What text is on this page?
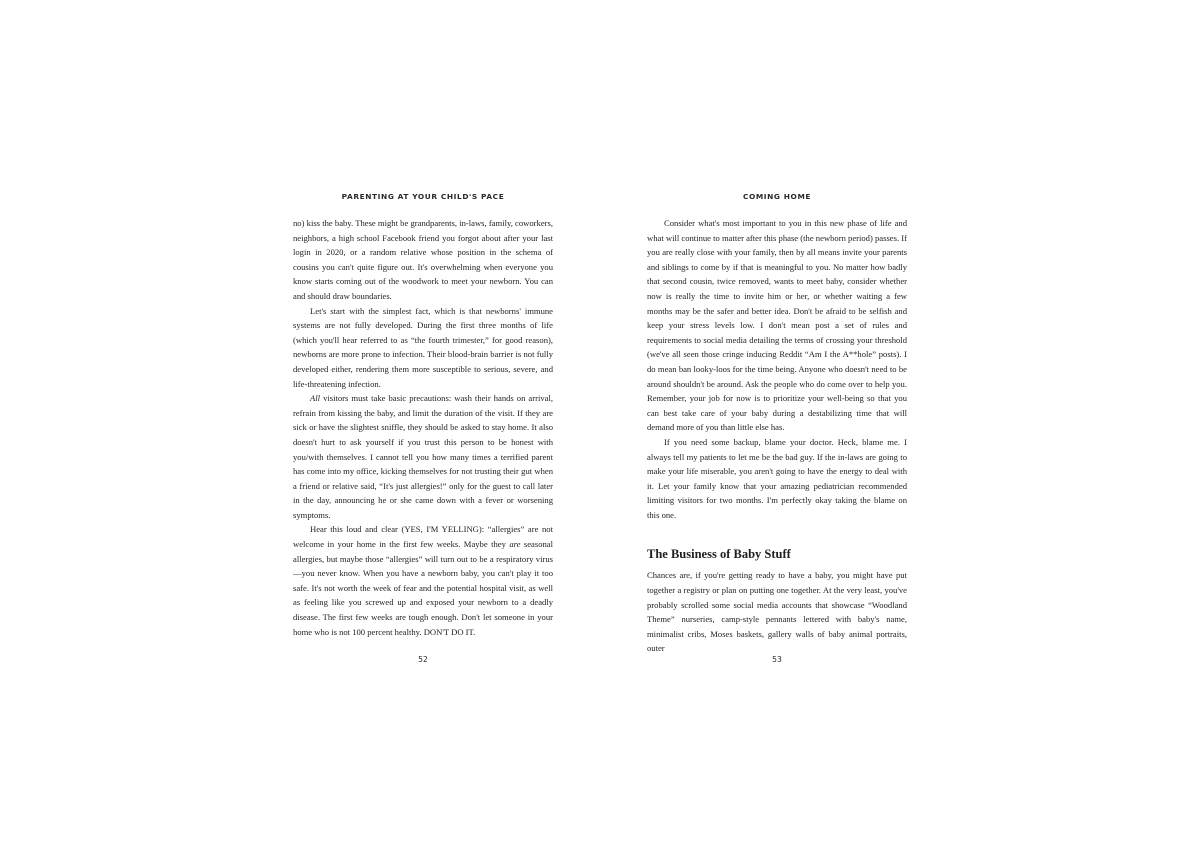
PARENTING AT YOUR CHILD'S PACE

no) kiss the baby. These might be grandparents, in-laws, family, coworkers, neighbors, a high school Facebook friend you forgot about after your last login in 2020, or a random relative whose position in the schema of cousins you can't quite figure out. It's overwhelming when everyone you know starts coming out of the woodwork to meet your newborn. You can and should draw boundaries.

Let's start with the simplest fact, which is that newborns' immune systems are not fully developed. During the first three months of life (which you'll hear referred to as “the fourth trimester,” for good reason), newborns are more prone to infection. Their blood-brain barrier is not fully developed either, rendering them more susceptible to serious, severe, and life-threatening infection.

All visitors must take basic precautions: wash their hands on arrival, refrain from kissing the baby, and limit the duration of the visit. If they are sick or have the slightest sniffle, they should be asked to stay home. It also doesn't hurt to ask yourself if you trust this person to be honest with you/with themselves. I cannot tell you how many times a terrified parent has come into my office, kicking themselves for not trusting their gut when a friend or relative said, “It's just allergies!” only for the guest to call later in the day, announcing he or she came down with a fever or worsening symptoms.

Hear this loud and clear (YES, I'M YELLING): “allergies” are not welcome in your home in the first few weeks. Maybe they are seasonal allergies, but maybe those “allergies” will turn out to be a respiratory virus—you never know. When you have a newborn baby, you can't play it too safe. It's not worth the week of fear and the potential hospital visit, as well as feeling like you screwed up and exposed your newborn to a deadly disease. The first few weeks are tough enough. Don't let someone in your home who is not 100 percent healthy. DON'T DO IT.

52
COMING HOME

Consider what's most important to you in this new phase of life and what will continue to matter after this phase (the newborn period) passes. If you are really close with your family, then by all means invite your parents and siblings to come by if that is meaningful to you. No matter how badly that second cousin, twice removed, wants to meet baby, consider whether now is really the time to invite him or her, or whether waiting a few months may be the safer and better idea. Don't be afraid to be selfish and keep your stress levels low. I don't mean post a set of rules and requirements to social media detailing the terms of crossing your threshold (we've all seen those cringe inducing Reddit “Am I the A**hole” posts). I do mean ban looky-loos for the time being. Anyone who doesn't need to be around shouldn't be around. Ask the people who do come over to help you. Remember, your job for now is to prioritize your well-being so that you can best take care of your baby during a destabilizing time that will demand more of you than little else has.

If you need some backup, blame your doctor. Heck, blame me. I always tell my patients to let me be the bad guy. If the in-laws are going to make your life miserable, you aren't going to have the energy to deal with it. Let your family know that your amazing pediatrician recommended limiting visitors for two months. I'm perfectly okay taking the blame on this one.

The Business of Baby Stuff

Chances are, if you're getting ready to have a baby, you might have put together a registry or plan on putting one together. At the very least, you've probably scrolled some social media accounts that showcase “Woodland Theme” nurseries, camp-style pennants lettered with baby's name, minimalist cribs, Moses baskets, gallery walls of baby animal portraits, outer

53
